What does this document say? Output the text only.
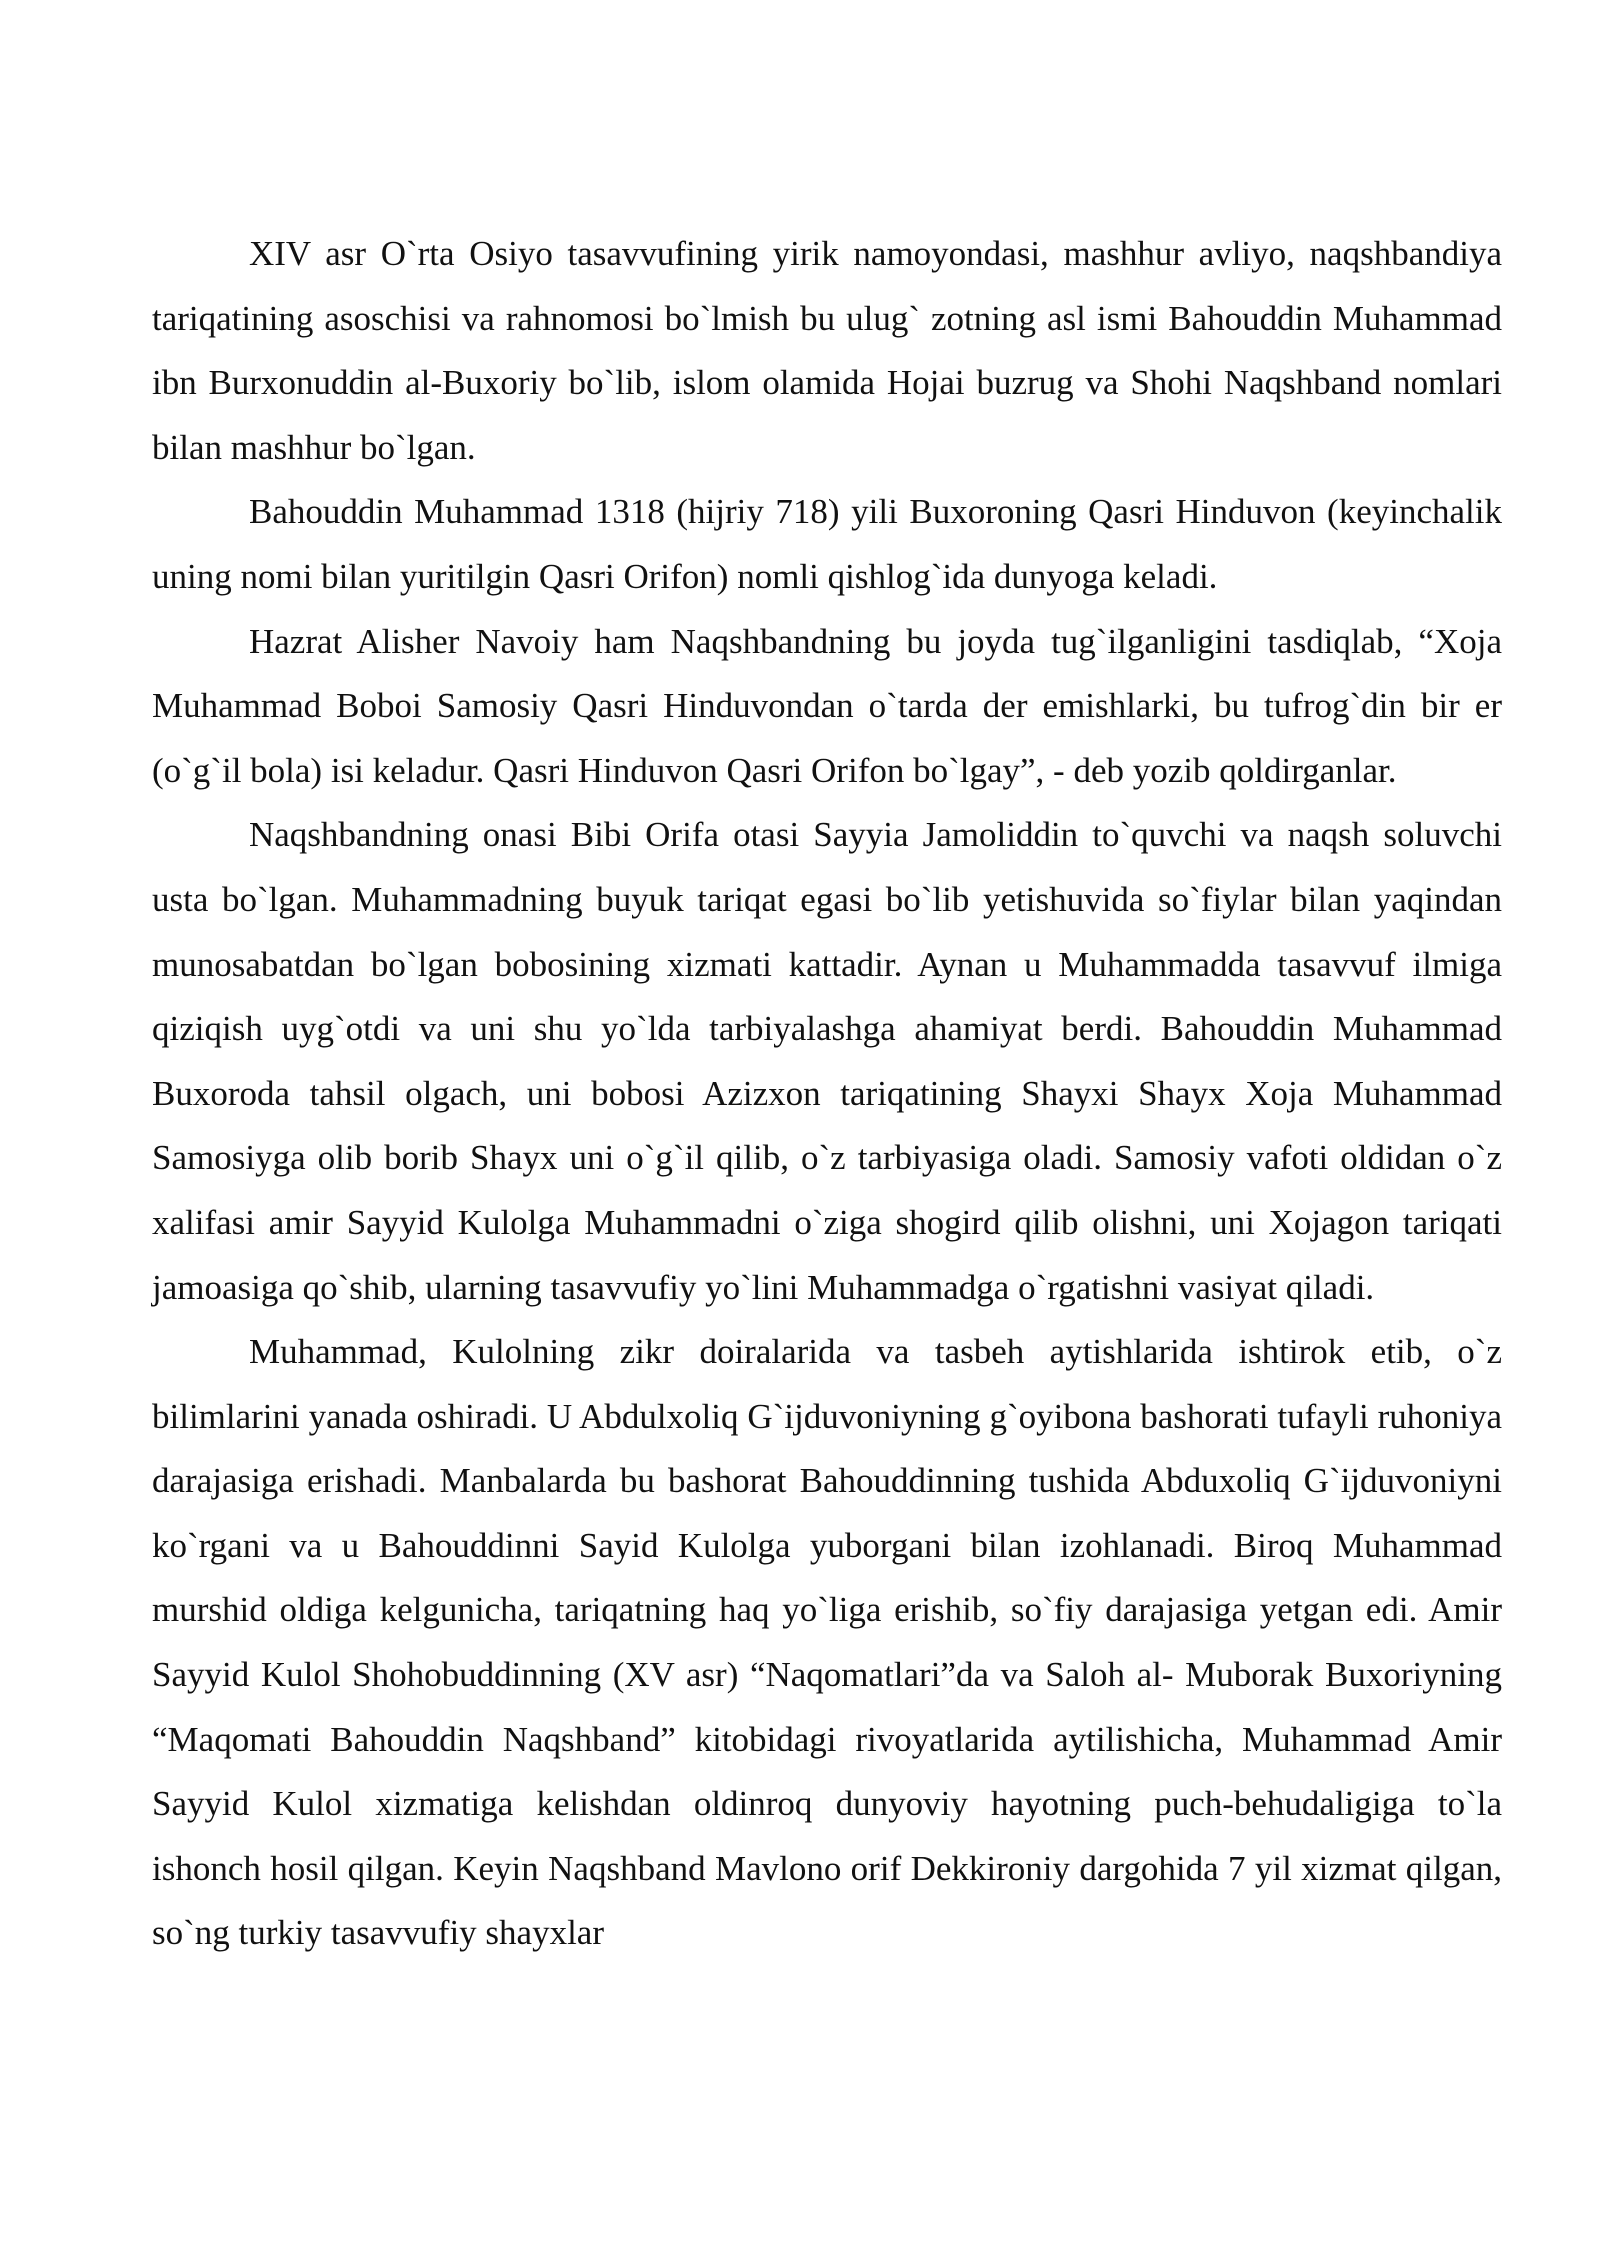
XIV asr O`rta Osiyo tasavvufining yirik namoyondasi, mashhur avliyo, naqshbandiya tariqatining asoschisi va rahnomosi bo`lmish bu ulug` zotning asl ismi Bahouddin Muhammad ibn Burxonuddin al-Buxoriy bo`lib, islom olamida Hojai buzrug va Shohi Naqshband nomlari bilan mashhur bo`lgan.

Bahouddin Muhammad 1318 (hijriy 718) yili Buxoroning Qasri Hinduvon (keyinchalik uning nomi bilan yuritilgin Qasri Orifon) nomli qishlog`ida dunyoga keladi.

Hazrat Alisher Navoiy ham Naqshbandning bu joyda tug`ilganligini tasdiqlab, “Xoja Muhammad Boboi Samosiy Qasri Hinduvondan o`tarda der emishlarki, bu tufrog`din bir er (o`g`il bola) isi keladur. Qasri Hinduvon Qasri Orifon bo`lgay”, - deb yozib qoldirganlar.

Naqshbandning onasi Bibi Orifa otasi Sayyia Jamoliddin to`quvchi va naqsh soluvchi usta bo`lgan. Muhammadning buyuk tariqat egasi bo`lib yetishuvida so`fiylar bilan yaqindan munosabatdan bo`lgan bobosining xizmati kattadir. Aynan u Muhammadda tasavvuf ilmiga qiziqish uyg`otdi va uni shu yo`lda tarbiyalashga ahamiyat berdi. Bahouddin Muhammad Buxoroda tahsil olgach, uni bobosi Azizxon tariqatining Shayxi Shayx Xoja Muhammad Samosiyga olib borib Shayx uni o`g`il qilib, o`z tarbiyasiga oladi. Samosiy vafoti oldidan o`z xalifasi amir Sayyid Kulolga Muhammadni o`ziga shogird qilib olishni, uni Xojagon tariqati jamoasiga qo`shib, ularning tasavvufiy yo`lini Muhammadga o`rgatishni vasiyat qiladi.

Muhammad, Kulolning zikr doiralarida va tasbeh aytishlarida ishtirok etib, o`z bilimlarini yanada oshiradi. U Abdulxoliq G`ijduvoniyning g`oyibona bashorati tufayli ruhoniya darajasiga erishadi. Manbalarda bu bashorat Bahouddinning tushida Abduxoliq G`ijduvoniyni ko`rgani va u Bahouddinni Sayid Kulolga yuborgani bilan izohlanadi. Biroq Muhammad murshid oldiga kelgunicha, tariqatning haq yo`liga erishib, so`fiy darajasiga yetgan edi. Amir Sayyid Kulol Shohobuddinning (XV asr) “Naqomatlari”da va Saloh al- Muborak Buxoriyning “Maqomati Bahouddin Naqshband” kitobidagi rivoyatlarida aytilishicha, Muhammad Amir Sayyid Kulol xizmatiga kelishdan oldinroq dunyoviy hayotning puch-behudaligiga to`la ishonch hosil qilgan. Keyin Naqshband Mavlono orif Dekkironiy dargohida 7 yil xizmat qilgan, so`ng turkiy tasavvufiy shayxlar
